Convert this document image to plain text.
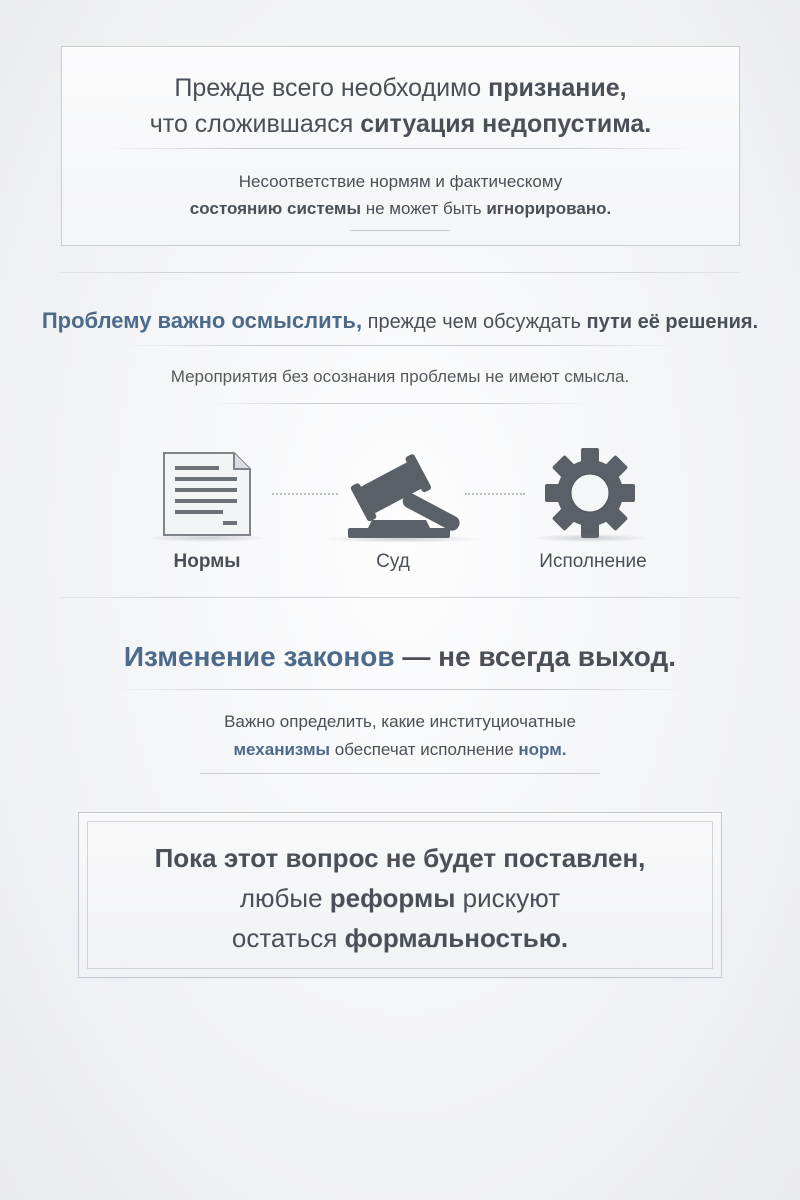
Прежде всего необходимо признание,
что сложившаяся ситуация недопустима.
Несоответствие нормям и фактическому
состоянию системы не может быть игнорировано.
Проблему важно осмыслить, прежде чем обсуждать пути её решения.
Мероприятия без осознания проблемы не имеют смысла.
Нормы	Суд	Исполнение
Изменение законов — не всегда выход.
Важно определить, какие институциочатные
механизмы обеспечат исполнение норм.
Пока этот вопрос не будет поставлен,
любые реформы рискуют
остаться формальностью.
